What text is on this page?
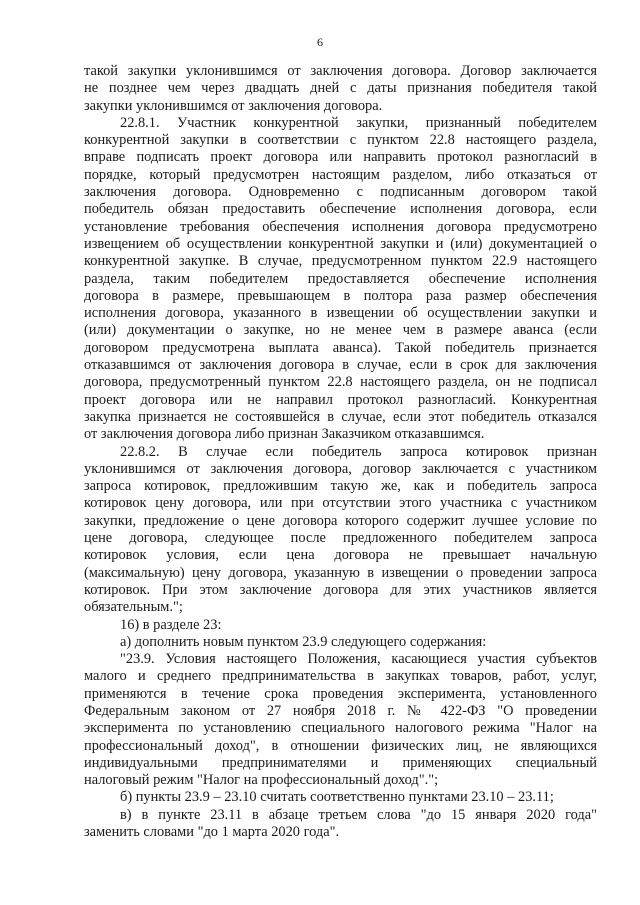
6
такой закупки уклонившимся от заключения договора. Договор заключается
не позднее чем через двадцать дней с даты признания победителя такой
закупки уклонившимся от заключения договора.
22.8.1. Участник конкурентной закупки, признанный победителем
конкурентной закупки в соответствии с пунктом 22.8 настоящего раздела,
вправе подписать проект договора или направить протокол разногласий в
порядке, который предусмотрен настоящим разделом, либо отказаться от
заключения договора. Одновременно с подписанным договором такой
победитель обязан предоставить обеспечение исполнения договора, если
установление требования обеспечения исполнения договора предусмотрено
извещением об осуществлении конкурентной закупки и (или) документацией о
конкурентной закупке. В случае, предусмотренном пунктом 22.9 настоящего
раздела, таким победителем предоставляется обеспечение исполнения
договора в размере, превышающем в полтора раза размер обеспечения
исполнения договора, указанного в извещении об осуществлении закупки и
(или) документации о закупке, но не менее чем в размере аванса (если
договором предусмотрена выплата аванса). Такой победитель признается
отказавшимся от заключения договора в случае, если в срок для заключения
договора, предусмотренный пунктом 22.8 настоящего раздела, он не подписал
проект договора или не направил протокол разногласий. Конкурентная
закупка признается не состоявшейся в случае, если этот победитель отказался
от заключения договора либо признан Заказчиком отказавшимся.
22.8.2. В случае если победитель запроса котировок признан
уклонившимся от заключения договора, договор заключается с участником
запроса котировок, предложившим такую же, как и победитель запроса
котировок цену договора, или при отсутствии этого участника с участником
закупки, предложение о цене договора которого содержит лучшее условие по
цене договора, следующее после предложенного победителем запроса
котировок условия, если цена договора не превышает начальную
(максимальную) цену договора, указанную в извещении о проведении запроса
котировок. При этом заключение договора для этих участников является
обязательным.";
16) в разделе 23:
а) дополнить новым пунктом 23.9 следующего содержания:
"23.9. Условия настоящего Положения, касающиеся участия субъектов
малого и среднего предпринимательства в закупках товаров, работ, услуг,
применяются в течение срока проведения эксперимента, установленного
Федеральным законом от 27 ноября 2018 г. № 422-ФЗ "О проведении
эксперимента по установлению специального налогового режима "Налог на
профессиональный доход", в отношении физических лиц, не являющихся
индивидуальными предпринимателями и применяющих специальный
налоговый режим "Налог на профессиональный доход".";
б) пункты 23.9 – 23.10 считать соответственно пунктами 23.10 – 23.11;
в) в пункте 23.11 в абзаце третьем слова "до 15 января 2020 года"
заменить словами "до 1 марта 2020 года".
